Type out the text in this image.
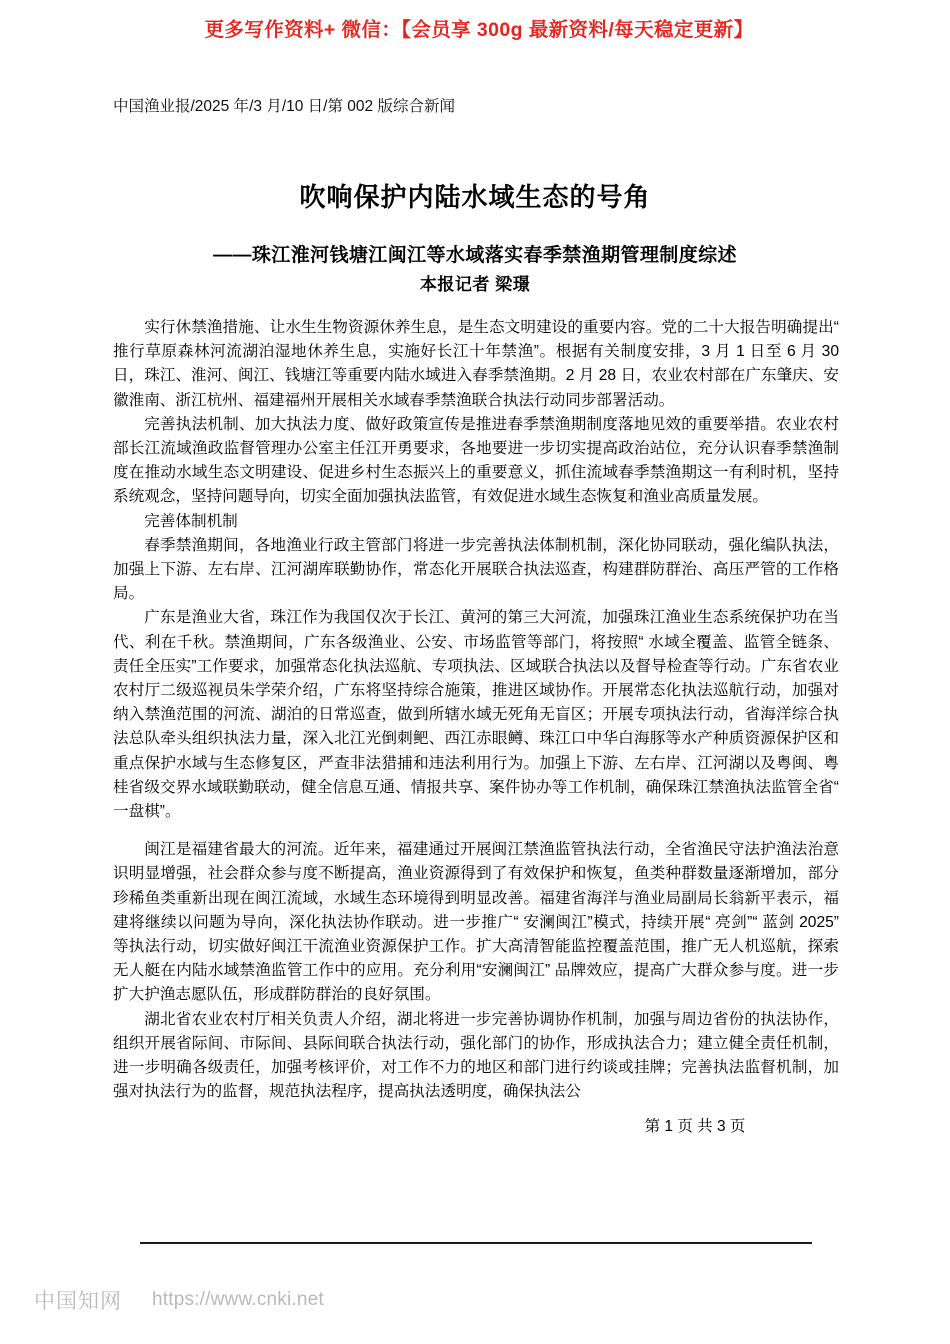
更多写作资料+ 微信：【会员享 300g 最新资料/每天稳定更新】
中国渔业报/2025 年/3 月/10 日/第 002 版综合新闻
吹响保护内陆水域生态的号角
——珠江淮河钱塘江闽江等水域落实春季禁渔期管理制度综述
本报记者 梁璟

实行休禁渔措施、让水生生物资源休养生息，是生态文明建设的重要内容。党的二十大报告明确提出“ 推行草原森林河流湖泊湿地休养生息，实施好长江十年禁渔”。根据有关制度安排，3 月 1 日至 6 月 30 日，珠江、淮河、闽江、钱塘江等重要内陆水域进入春季禁渔期。2 月 28 日，农业农村部在广东肇庆、安徽淮南、浙江杭州、福建福州开展相关水域春季禁渔联合执法行动同步部署活动。

完善执法机制、加大执法力度、做好政策宣传是推进春季禁渔期制度落地见效的重要举措。农业农村部长江流域渔政监督管理办公室主任江开勇要求，各地要进一步切实提高政治站位，充分认识春季禁渔制度在推动水域生态文明建设、促进乡村生态振兴上的重要意义，抓住流域春季禁渔期这一有利时机，坚持系统观念，坚持问题导向，切实全面加强执法监管，有效促进水域生态恢复和渔业高质量发展。

完善体制机制

春季禁渔期间，各地渔业行政主管部门将进一步完善执法体制机制，深化协同联动，强化编队执法，加强上下游、左右岸、江河湖库联勤协作，常态化开展联合执法巡查，构建群防群治、高压严管的工作格局。

广东是渔业大省，珠江作为我国仅次于长江、黄河的第三大河流，加强珠江渔业生态系统保护功在当代、利在千秋。禁渔期间，广东各级渔业、公安、市场监管等部门，将按照“ 水域全覆盖、监管全链条、责任全压实”工作要求，加强常态化执法巡航、专项执法、区域联合执法以及督导检查等行动。广东省农业农村厅二级巡视员朱学荣介绍，广东将坚持综合施策，推进区域协作。开展常态化执法巡航行动，加强对纳入禁渔范围的河流、湖泊的日常巡查，做到所辖水域无死角无盲区；开展专项执法行动，省海洋综合执法总队牵头组织执法力量，深入北江光倒刺鲃、西江赤眼鳟、珠江口中华白海豚等水产种质资源保护区和重点保护水域与生态修复区，严查非法猎捕和违法利用行为。加强上下游、左右岸、江河湖以及粤闽、粤桂省级交界水域联勤联动，健全信息互通、情报共享、案件协办等工作机制，确保珠江禁渔执法监管全省“ 一盘棋”。

闽江是福建省最大的河流。近年来，福建通过开展闽江禁渔监管执法行动，全省渔民守法护渔法治意识明显增强，社会群众参与度不断提高，渔业资源得到了有效保护和恢复，鱼类种群数量逐渐增加，部分珍稀鱼类重新出现在闽江流域，水域生态环境得到明显改善。福建省海洋与渔业局副局长翁新平表示，福建将继续以问题为导向，深化执法协作联动。进一步推广“ 安澜闽江”模式，持续开展“ 亮剑”“ 蓝剑 2025” 等执法行动，切实做好闽江干流渔业资源保护工作。扩大高清智能监控覆盖范围，推广无人机巡航，探索无人艇在内陆水域禁渔监管工作中的应用。充分利用“安澜闽江” 品牌效应，提高广大群众参与度。进一步扩大护渔志愿队伍，形成群防群治的良好氛围。

湖北省农业农村厅相关负责人介绍，湖北将进一步完善协调协作机制，加强与周边省份的执法协作，组织开展省际间、市际间、县际间联合执法行动，强化部门的协作，形成执法合力；建立健全责任机制，进一步明确各级责任，加强考核评价，对工作不力的地区和部门进行约谈或挂牌；完善执法监督机制，加强对执法行为的监督，规范执法程序，提高执法透明度，确保执法公

第 1 页 共 3 页
中国知网 https://www.cnki.net
